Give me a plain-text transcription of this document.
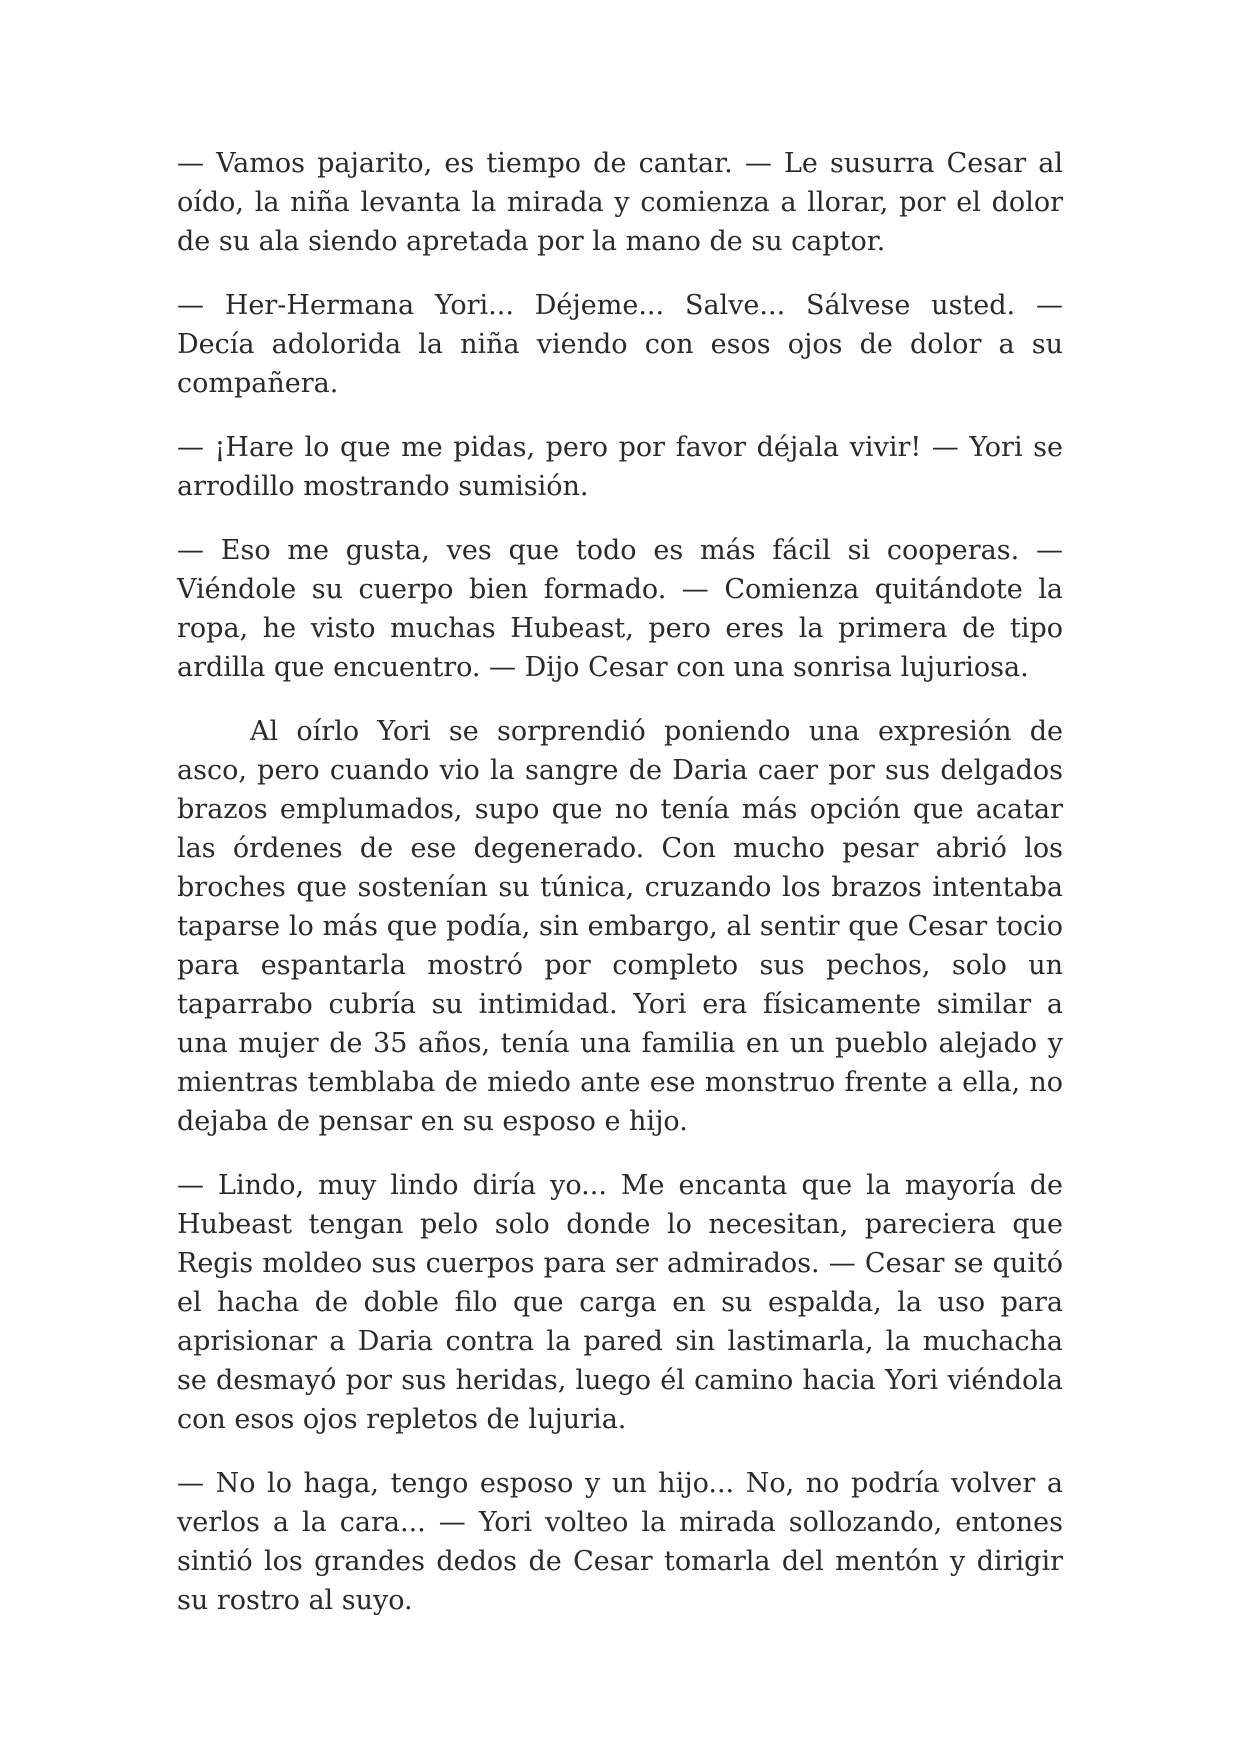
— Vamos pajarito, es tiempo de cantar. — Le susurra Cesar al oído, la niña levanta la mirada y comienza a llorar, por el dolor de su ala siendo apretada por la mano de su captor.

— Her-Hermana Yori... Déjeme... Salve... Sálvese usted. — Decía adolorida la niña viendo con esos ojos de dolor a su compañera.

— ¡Hare lo que me pidas, pero por favor déjala vivir! — Yori se arrodillo mostrando sumisión.

— Eso me gusta, ves que todo es más fácil si cooperas. — Viéndole su cuerpo bien formado. — Comienza quitándote la ropa, he visto muchas Hubeast, pero eres la primera de tipo ardilla que encuentro. — Dijo Cesar con una sonrisa lujuriosa.

Al oírlo Yori se sorprendió poniendo una expresión de asco, pero cuando vio la sangre de Daria caer por sus delgados brazos emplumados, supo que no tenía más opción que acatar las órdenes de ese degenerado. Con mucho pesar abrió los broches que sostenían su túnica, cruzando los brazos intentaba taparse lo más que podía, sin embargo, al sentir que Cesar tocio para espantarla mostró por completo sus pechos, solo un taparrabo cubría su intimidad. Yori era físicamente similar a una mujer de 35 años, tenía una familia en un pueblo alejado y mientras temblaba de miedo ante ese monstruo frente a ella, no dejaba de pensar en su esposo e hijo.

— Lindo, muy lindo diría yo... Me encanta que la mayoría de Hubeast tengan pelo solo donde lo necesitan, pareciera que Regis moldeo sus cuerpos para ser admirados. — Cesar se quitó el hacha de doble filo que carga en su espalda, la uso para aprisionar a Daria contra la pared sin lastimarla, la muchacha se desmayó por sus heridas, luego él camino hacia Yori viéndola con esos ojos repletos de lujuria.

— No lo haga, tengo esposo y un hijo... No, no podría volver a verlos a la cara... — Yori volteo la mirada sollozando, entones sintió los grandes dedos de Cesar tomarla del mentón y dirigir su rostro al suyo.
